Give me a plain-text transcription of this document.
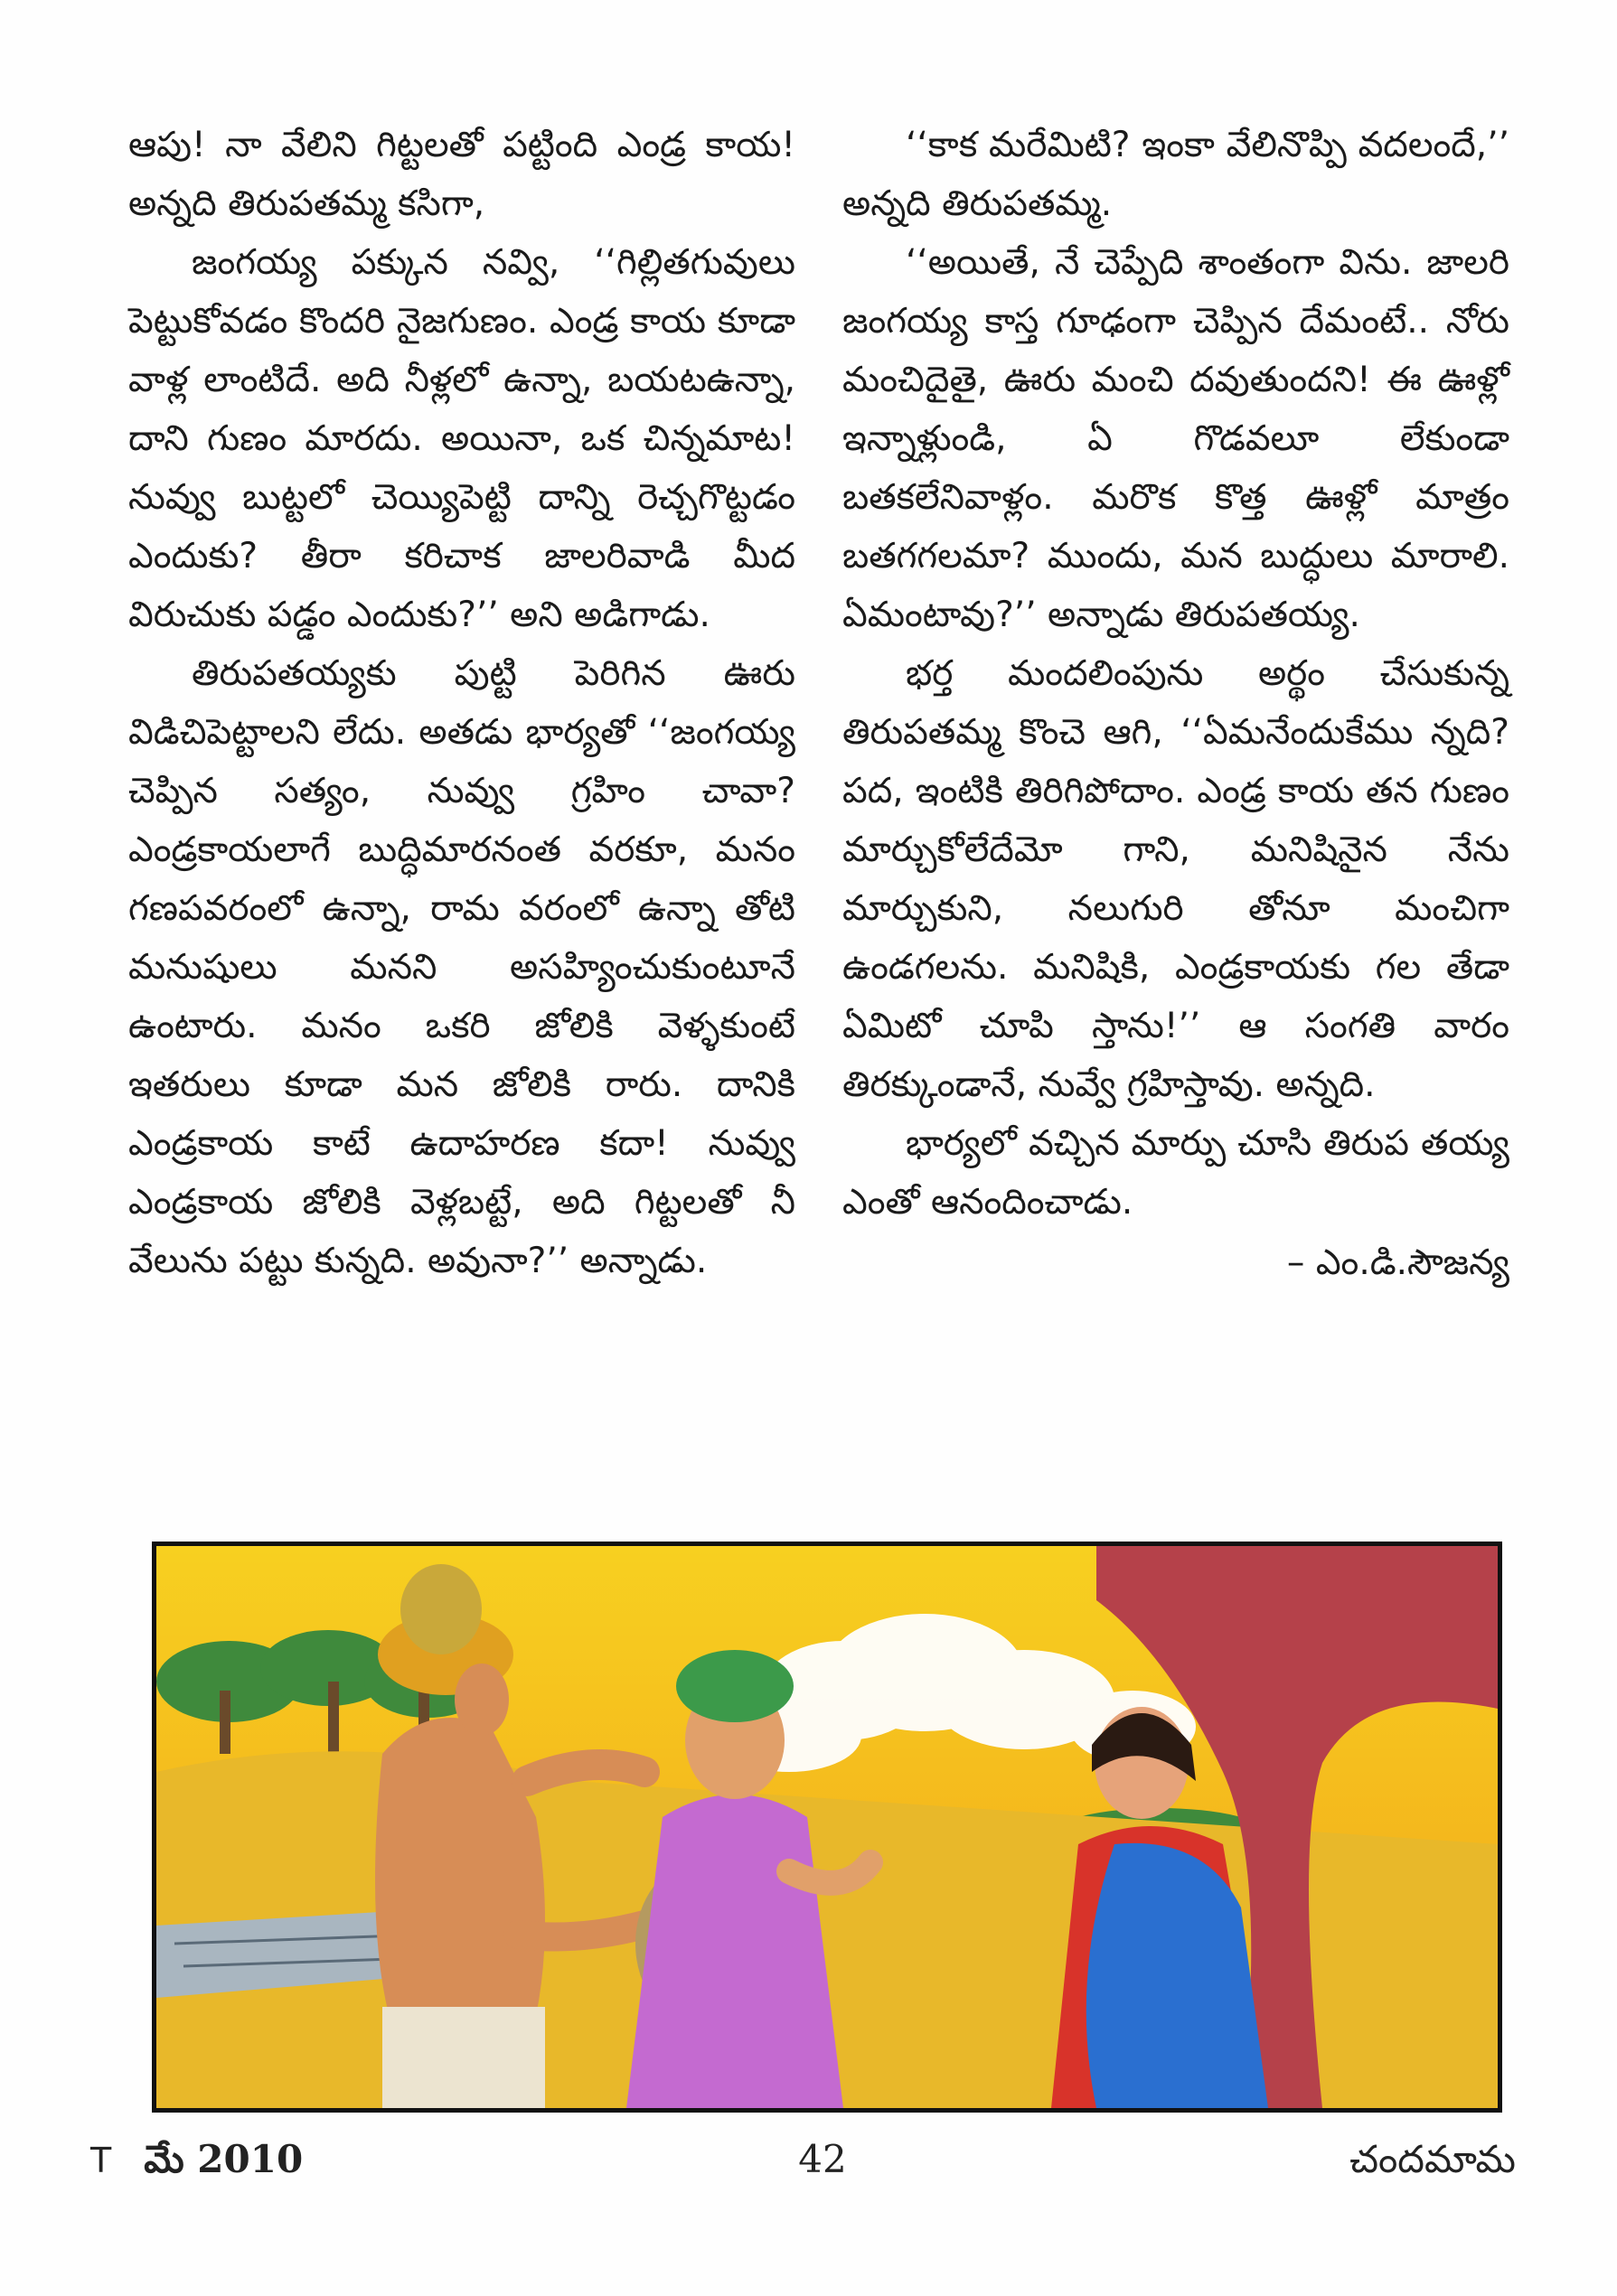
ఆపు! నా వేలిని గిట్టలతో పట్టింది ఎండ్ర కాయ! అన్నది తిరుపతమ్మ కసిగా,

జంగయ్య పక్కున నవ్వి, ‘‘గిల్లితగువులు పెట్టుకోవడం కొందరి నైజగుణం. ఎండ్ర కాయ కూడా వాళ్ల లాంటిదే. అది నీళ్లలో ఉన్నా, బయటఉన్నా, దాని గుణం మారదు. అయినా, ఒక చిన్నమాట! నువ్వు బుట్టలో చెయ్యిపెట్టి దాన్ని రెచ్చగొట్టడం ఎందుకు? తీరా కరిచాక జాలరివాడి మీద విరుచుకు పడ్డం ఎందుకు?’’ అని అడిగాడు.

తిరుపతయ్యకు పుట్టి పెరిగిన ఊరు విడిచిపెట్టాలని లేదు. అతడు భార్యతో ‘‘జంగయ్య చెప్పిన సత్యం, నువ్వు గ్రహిం చావా? ఎండ్రకాయలాగే బుద్ధిమారనంత వరకూ, మనం గణపవరంలో ఉన్నా, రామ వరంలో ఉన్నా తోటి మనుషులు మనని అసహ్యించుకుంటూనే ఉంటారు. మనం ఒకరి జోలికి వెళ్ళకుంటే ఇతరులు కూడా మన జోలికి రారు. దానికి ఎండ్రకాయ కాటే ఉదాహరణ కదా! నువ్వు ఎండ్రకాయ జోలికి వెళ్లబట్టే, అది గిట్టలతో నీ వేలును పట్టు కున్నది. అవునా?’’ అన్నాడు.

‘‘కాక మరేమిటి? ఇంకా వేలినొప్పి వదలందే,’’ అన్నది తిరుపతమ్మ.

‘‘అయితే, నే చెప్పేది శాంతంగా విను. జాలరి జంగయ్య కాస్త గూఢంగా చెప్పిన దేమంటే.. నోరు మంచిదైతై, ఊరు మంచి దవుతుందని! ఈ ఊళ్లో ఇన్నాళ్లుండి, ఏ గొడవలూ లేకుండా బతకలేనివాళ్లం. మరొక కొత్త ఊళ్లో మాత్రం బతగగలమా? ముందు, మన బుద్ధులు మారాలి. ఏమంటావు?’’ అన్నాడు తిరుపతయ్య.

భర్త మందలింపును అర్థం చేసుకున్న తిరుపతమ్మ కొంచె ఆగి, ‘‘ఏమనేందుకేము న్నది? పద, ఇంటికి తిరిగిపోదాం. ఎండ్ర కాయ తన గుణం మార్చుకోలేదేమో గాని, మనిషినైన నేను మార్చుకుని, నలుగురి తోనూ మంచిగా ఉండగలను. మనిషికి, ఎండ్రకాయకు గల తేడా ఏమిటో చూపి స్తాను!’’ ఆ సంగతి వారం తిరక్కుండానే, నువ్వే గ్రహిస్తావు. అన్నది.

భార్యలో వచ్చిన మార్పు చూసి తిరుప తయ్య ఎంతో ఆనందించాడు.

– ఎం.డి.సౌజన్య
T మే 2010	42	చందమామ
